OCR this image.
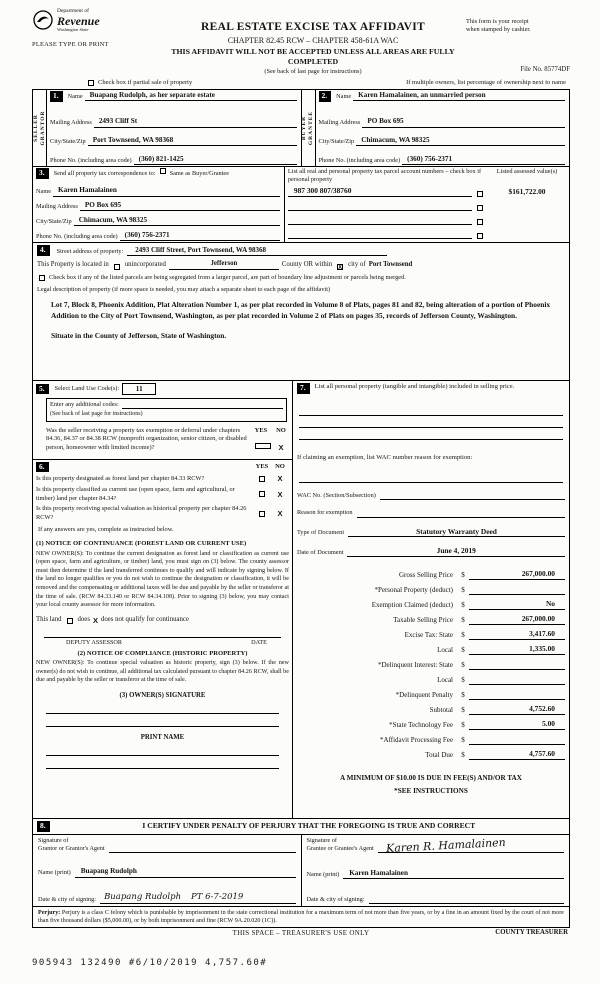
Department of
Revenue
Washington State
PLEASE TYPE OR PRINT
REAL ESTATE EXCISE TAX AFFIDAVIT
CHAPTER 82.45 RCW – CHAPTER 458-61A WAC
THIS AFFIDAVIT WILL NOT BE ACCEPTED UNLESS ALL AREAS ARE FULLY COMPLETED
(See back of last page for instructions)
This form is your receipt
when stamped by cashier.
File No. 85774DF
Check box if partial sale of property	If multiple owners, list percentage of ownership next to name
SELLER
GRANTOR
1.	Name Buapang Rudolph, as her separate estate
Mailing Address 2493 Cliff St
City/State/Zip Port Townsend, WA 98368
Phone No. (including area code) (360) 821-1425
BUYER
GRANTEE
2.	Name Karen Hamalainen, an unmarried person
Mailing Address PO Box 695
City/State/Zip Chimacum, WA 98325
Phone No. (including area code) (360) 756-2371
3.	Send all property tax correspondence to: Same as Buyer/Grantee
Name Karen Hamalainen
Mailing Address PO Box 695
City/State/Zip Chimacum, WA 98325
Phone No. (including area code) (360) 756-2371
List all real and personal property tax parcel account numbers – check box if personal property
Listed assessed value(s)
987 300 807/38760	$161,722.00
4.	Street address of property:	2493 Cliff Street, Port Townsend, WA 98368
This Property is located in unincorporated	Jefferson	County OR within X city of Port Townsend
Check box if any of the listed parcels are being segregated from a larger parcel, are part of boundary line adjustment or parcels being merged.
Legal description of property (if more space is needed, you may attach a separate sheet to each page of the affidavit)
Lot 7, Block 8, Phoenix Addition, Plat Alteration Number 1, as per plat recorded in Volume 8 of Plats, pages 81 and 82, being alteration of a portion of Phoenix Addition to the City of Port Townsend, Washington, as per plat recorded in Volume 2 of Plats on pages 35, records of Jefferson County, Washington.
Situate in the County of Jefferson, State of Washington.
5.	Select Land Use Code(s):	11
Enter any additional codes:
(See back of last page for instructions)
Was the seller receiving a property tax exemption or deferral under chapters 84.36, 84.37 or 84.38 RCW (nonprofit organization, senior citizen, or disabled person, homeowner with limited income)?
YES	NO
X
6.	YES	NO
Is this property designated as forest land per chapter 84.33 RCW?	X
Is this property classified as current use (open space, farm and agricultural, or timber) land per chapter 84.34?	X
Is this property receiving special valuation as historical property per chapter 84.26 RCW?	X
If any answers are yes, complete as instructed below.
(1) NOTICE OF CONTINUANCE (FOREST LAND OR CURRENT USE)
NEW OWNER(S): To continue the current designation as forest land or classification as current use (open space, farm and agriculture, or timber) land, you must sign on (3) below. The county assessor must then determine if the land transferred continues to qualify and will indicate by signing below. If the land no longer qualifies or you do not wish to continue the designation or classification, it will be removed and the compensating or additional taxes will be due and payable by the seller or transferor at the time of sale. (RCW 84.33.140 or RCW 84.34.108). Prior to signing (3) below, you may contact your local county assessor for more information.
This land does X does not qualify for continuance
DEPUTY ASSESSOR	DATE
(2) NOTICE OF COMPLIANCE (HISTORIC PROPERTY)
NEW OWNER(S): To continue special valuation as historic property, sign (3) below. If the new owner(s) do not wish to continue, all additional tax calculated pursuant to chapter 84.26 RCW, shall be due and payable by the seller or transferor at the time of sale.
(3) OWNER(S) SIGNATURE
PRINT NAME
7.	List all personal property (tangible and intangible) included in selling price.
If claiming an exemption, list WAC number reason for exemption:
WAC No. (Section/Subsection)
Reason for exemption
Type of Document	Statutory Warranty Deed
Date of Document	June 4, 2019
Gross Selling Price	$	267,000.00
*Personal Property (deduct)	$
Exemption Claimed (deduct)	$	No
Taxable Selling Price	$	267,000.00
Excise Tax: State	$	3,417.60
Local	$	1,335.00
*Delinquent Interest: State	$
Local	$
*Delinquent Penalty	$
Subtotal	$	4,752.60
*State Technology Fee	$	5.00
*Affidavit Processing Fee	$
Total Due	$	4,757.60
A MINIMUM OF $10.00 IS DUE IN FEE(S) AND/OR TAX
*SEE INSTRUCTIONS
8.	I CERTIFY UNDER PENALTY OF PERJURY THAT THE FOREGOING IS TRUE AND CORRECT
Signature of
Grantor or Grantor's Agent
Name (print)	Buapang Rudolph
Date & city of signing: Buapang Rudolph PT 6-7-2019
Signature of
Grantee or Grantee's Agent Karen R. Hamalainen
Name (print)	Karen Hamalainen
Date & city of signing:
Perjury: Perjury is a class C felony which is punishable by imprisonment in the state correctional institution for a maximum term of not more than five years, or by a fine in an amount fixed by the court of not more than five thousand dollars ($5,000.00), or by both imprisonment and fine (RCW 9A.20.020 (1C)).
THIS SPACE – TREASURER'S USE ONLY	COUNTY TREASURER
905943 132490 #6/10/2019 4,757.60#
